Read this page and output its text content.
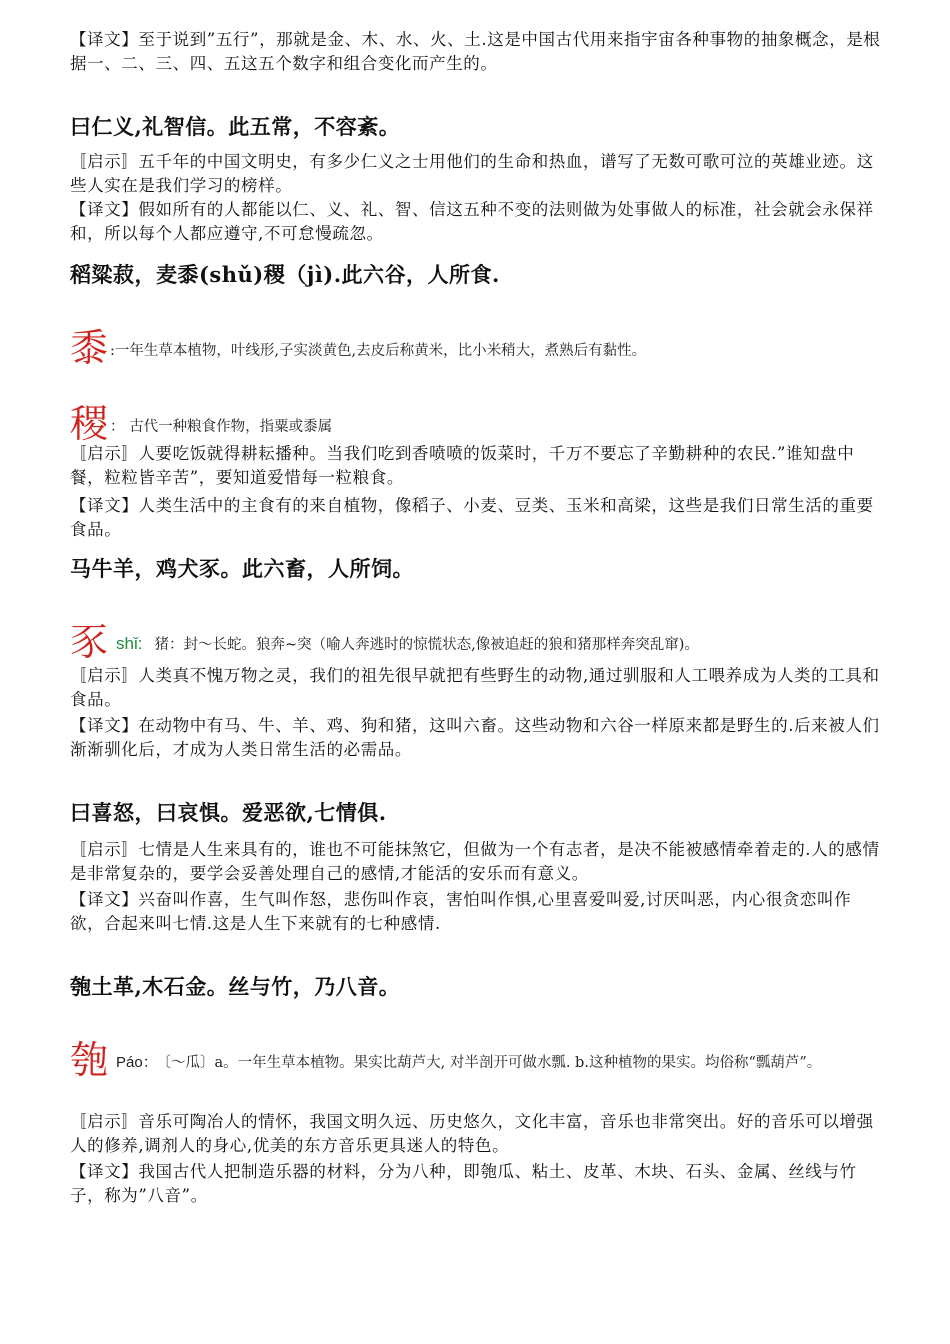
【译文】至于说到”五行”，那就是金、木、水、火、土.这是中国古代用来指宇宙各种事物的抽象概念，是根据一、二、三、四、五这五个数字和组合变化而产生的。
曰仁义,礼智信。此五常，不容紊。
〚启示〛五千年的中国文明史，有多少仁义之士用他们的生命和热血，谱写了无数可歌可泣的英雄业迹。这些人实在是我们学习的榜样。
【译文】假如所有的人都能以仁、义、礼、智、信这五种不变的法则做为处事做人的标准，社会就会永保祥和，所以每个人都应遵守,不可怠慢疏忽。
稻粱菽，麦黍(shǔ)稷（jì).此六谷，人所食.
黍 :一年生草本植物，叶线形,子实淡黄色,去皮后称黄米，比小米稍大，煮熟后有黏性。
稷 ： 古代一种粮食作物，指粟或黍属
〚启示〛人要吃饭就得耕耘播种。当我们吃到香喷喷的饭菜时，千万不要忘了辛勤耕种的农民.”谁知盘中餐，粒粒皆辛苦”，要知道爱惜每一粒粮食。
【译文】人类生活中的主食有的来自植物，像稻子、小麦、豆类、玉米和高梁，这些是我们日常生活的重要食品。
马牛羊，鸡犬豕。此六畜，人所饲。
豕shǐ: 猪：封～长蛇。狼奔~突（喻人奔逃时的惊慌状态,像被追赶的狼和猪那样奔突乱窜)。
〚启示〛人类真不愧万物之灵，我们的祖先很早就把有些野生的动物,通过驯服和人工喂养成为人类的工具和食品。
【译文】在动物中有马、牛、羊、鸡、狗和猪，这叫六畜。这些动物和六谷一样原来都是野生的.后来被人们渐渐驯化后，才成为人类日常生活的必需品。
曰喜怒，曰哀惧。爱恶欲,七情俱.
〚启示〛七情是人生来具有的，谁也不可能抹煞它，但做为一个有志者，是决不能被感情牵着走的.人的感情是非常复杂的，要学会妥善处理自己的感情,才能活的安乐而有意义。
【译文】兴奋叫作喜，生气叫作怒，悲伤叫作哀，害怕叫作惧,心里喜爱叫爱,讨厌叫恶，内心很贪恋叫作欲，合起来叫七情.这是人生下来就有的七种感情.
匏土革,木石金。丝与竹，乃八音。
匏 Páo： 〔～瓜〕a。一年生草本植物。果实比葫芦大, 对半剖开可做水瓢. b.这种植物的果实。均俗称“瓢葫芦”。
〚启示〛音乐可陶冶人的情怀，我国文明久远、历史悠久，文化丰富，音乐也非常突出。好的音乐可以增强人的修养,调剂人的身心,优美的东方音乐更具迷人的特色。
【译文】我国古代人把制造乐器的材料，分为八种，即匏瓜、粘土、皮革、木块、石头、金属、丝线与竹子，称为”八音”。
